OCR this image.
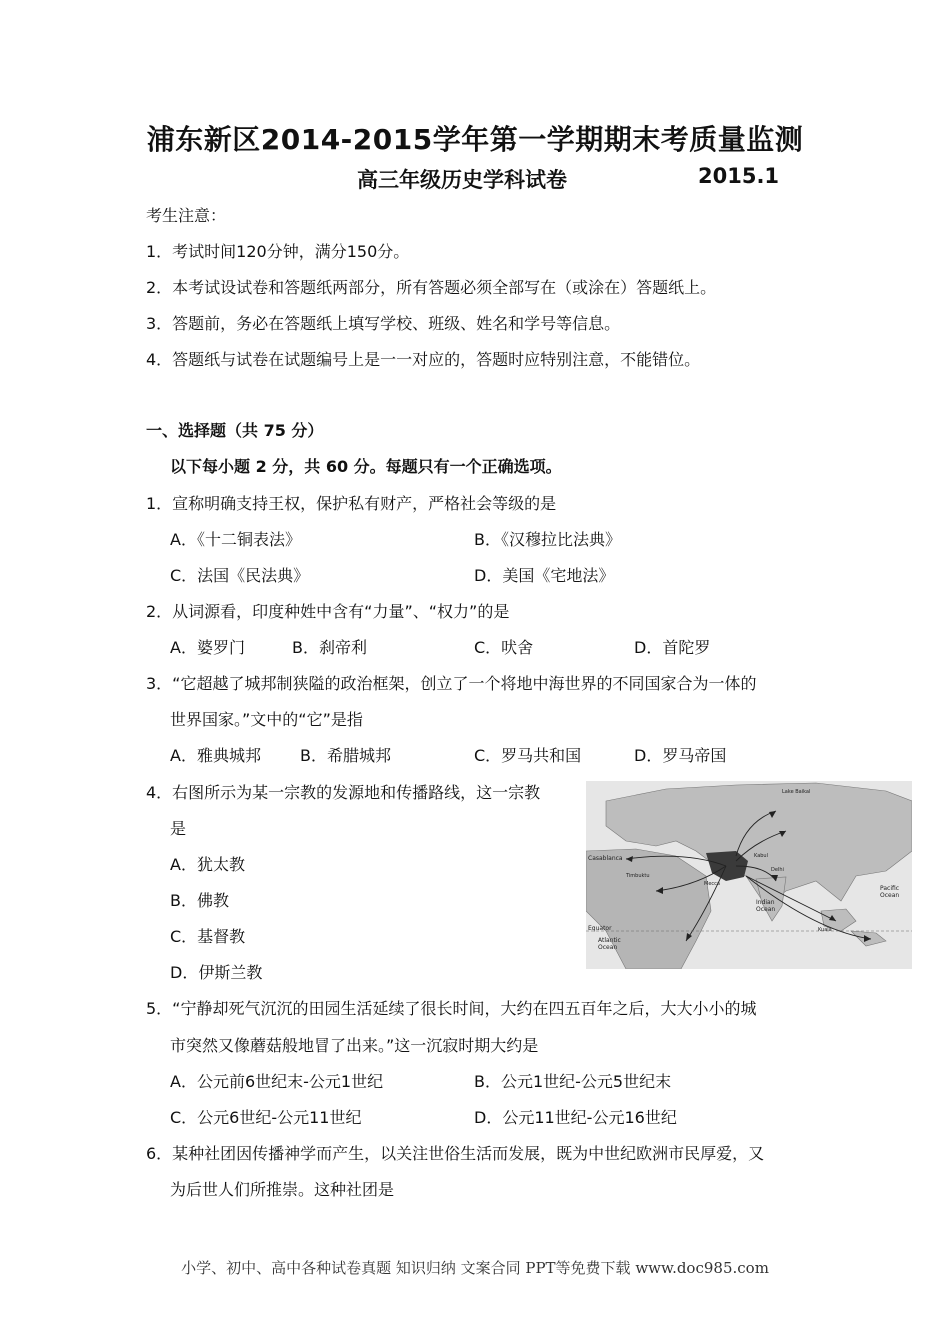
浦东新区2014-2015学年第一学期期末考质量监测
高三年级历史学科试卷	2015.1
考生注意：
1．考试时间120分钟，满分150分。
2．本考试设试卷和答题纸两部分，所有答题必须全部写在（或涂在）答题纸上。
3．答题前，务必在答题纸上填写学校、班级、姓名和学号等信息。
4．答题纸与试卷在试题编号上是一一对应的，答题时应特别注意，不能错位。
一、选择题（共 75 分）
以下每小题 2 分，共 60 分。每题只有一个正确选项。
1．宣称明确支持王权，保护私有财产，严格社会等级的是
A．《十二铜表法》	B．《汉穆拉比法典》
C．法国《民法典》	D．美国《宅地法》
2．从词源看，印度种姓中含有“力量”、“权力”的是
A．婆罗门	B．刹帝利	C．吠舍	D．首陀罗
3．“它超越了城邦制狭隘的政治框架，创立了一个将地中海世界的不同国家合为一体的
世界国家。”文中的“它”是指
A．雅典城邦 B．希腊城邦	C．罗马共和国	D．罗马帝国
4．右图所示为某一宗教的发源地和传播路线，这一宗教
是
A．犹太教
B．佛教
C．基督教
D．伊斯兰教
Casablanca
Pacific Ocean
Indian Ocean
Atlantic Ocean
Equator
Mecca
Kabul
Delhi
Lake Baikal
Timbuktu
Kuala
5．“宁静却死气沉沉的田园生活延续了很长时间，大约在四五百年之后，大大小小的城
市突然又像蘑菇般地冒了出来。”这一沉寂时期大约是
A．公元前6世纪末-公元1世纪	B．公元1世纪-公元5世纪末
C．公元6世纪-公元11世纪	D．公元11世纪-公元16世纪
6．某种社团因传播神学而产生，以关注世俗生活而发展，既为中世纪欧洲市民厚爱，又
为后世人们所推崇。这种社团是
小学、初中、高中各种试卷真题 知识归纳 文案合同 PPT等免费下载 www.doc985.com
